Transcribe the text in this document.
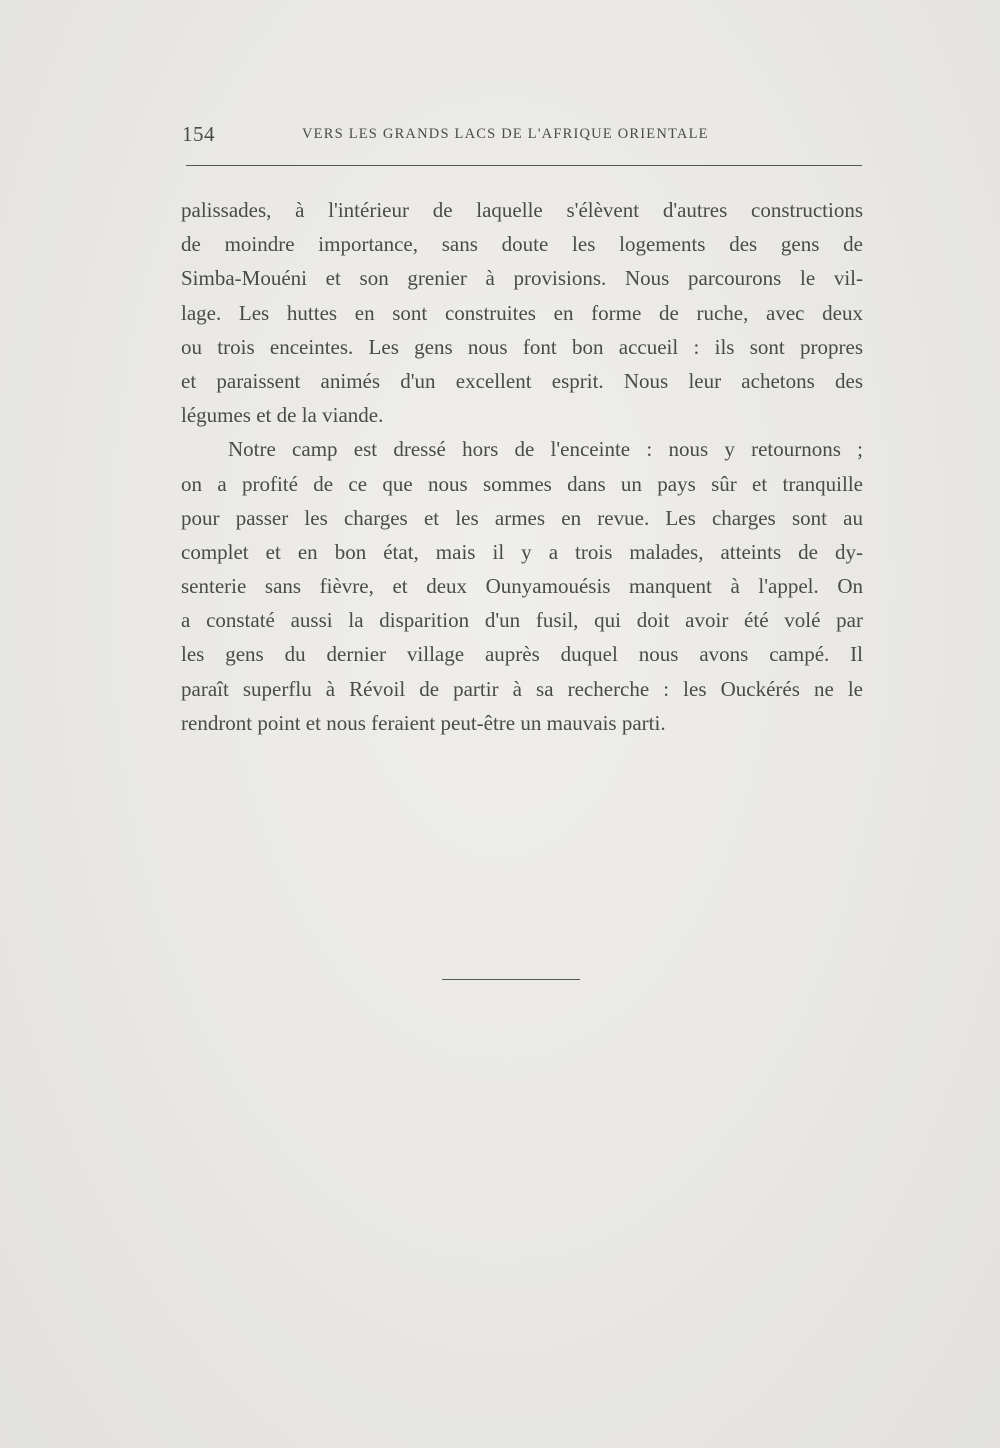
154	VERS LES GRANDS LACS DE L'AFRIQUE ORIENTALE
palissades, à l'intérieur de laquelle s'élèvent d'autres constructions
de moindre importance, sans doute les logements des gens de
Simba-Mouéni et son grenier à provisions. Nous parcourons le vil-
lage. Les huttes en sont construites en forme de ruche, avec deux
ou trois enceintes. Les gens nous font bon accueil : ils sont propres
et paraissent animés d'un excellent esprit. Nous leur achetons des
légumes et de la viande.
Notre camp est dressé hors de l'enceinte : nous y retournons ;
on a profité de ce que nous sommes dans un pays sûr et tranquille
pour passer les charges et les armes en revue. Les charges sont au
complet et en bon état, mais il y a trois malades, atteints de dy-
senterie sans fièvre, et deux Ounyamouésis manquent à l'appel. On
a constaté aussi la disparition d'un fusil, qui doit avoir été volé par
les gens du dernier village auprès duquel nous avons campé. Il
paraît superflu à Révoil de partir à sa recherche : les Ouckérés ne le
rendront point et nous feraient peut-être un mauvais parti.
